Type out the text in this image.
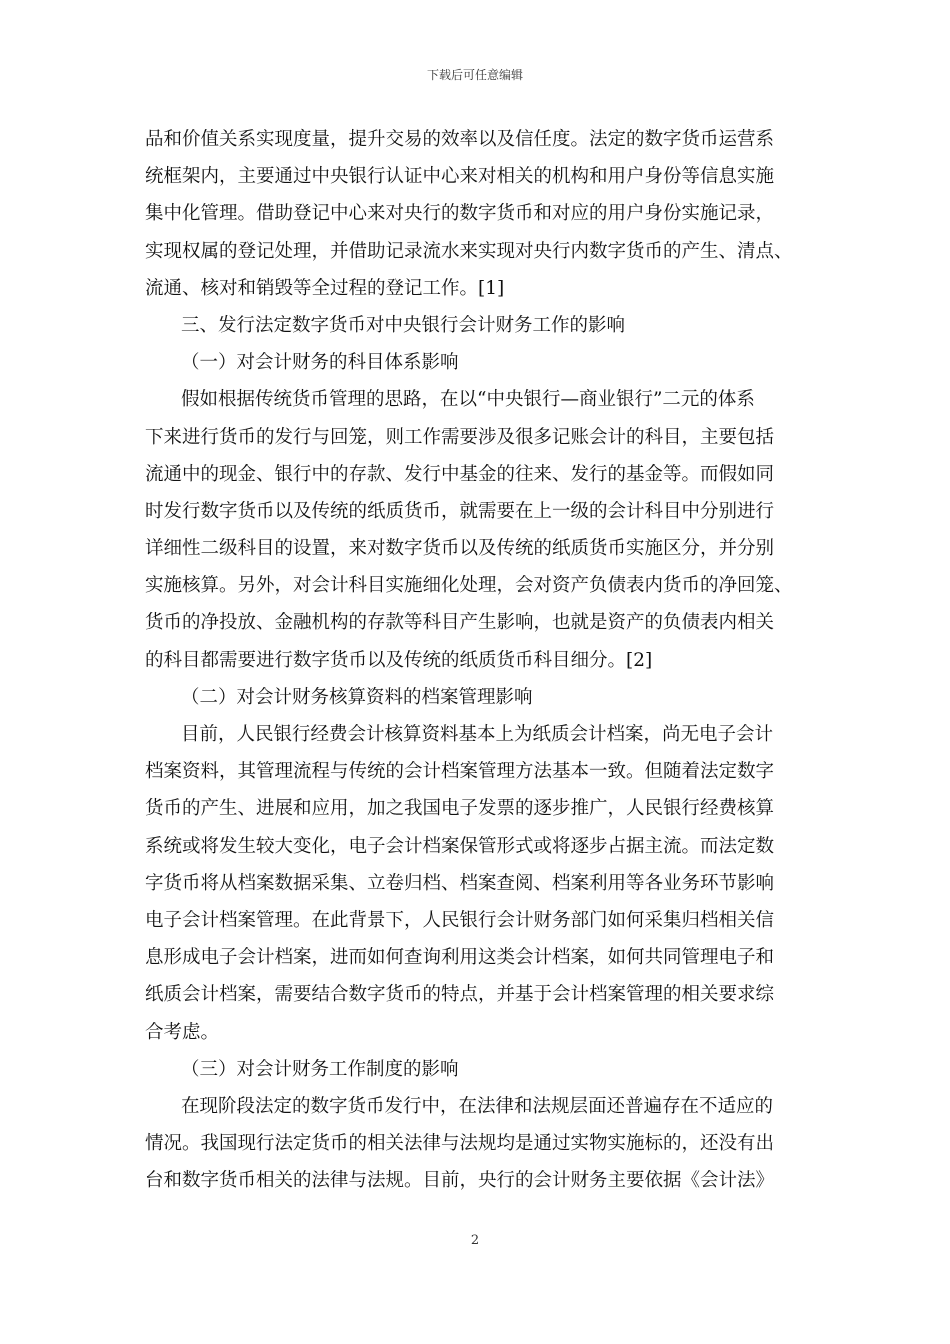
下载后可任意编辑
品和价值关系实现度量，提升交易的效率以及信任度。法定的数字货币运营系
统框架内，主要通过中央银行认证中心来对相关的机构和用户身份等信息实施
集中化管理。借助登记中心来对央行的数字货币和对应的用户身份实施记录，
实现权属的登记处理，并借助记录流水来实现对央行内数字货币的产生、清点、
流通、核对和销毁等全过程的登记工作。[1]
三、发行法定数字货币对中央银行会计财务工作的影响
（一）对会计财务的科目体系影响
假如根据传统货币管理的思路，在以“中央银行—商业银行”二元的体系
下来进行货币的发行与回笼，则工作需要涉及很多记账会计的科目，主要包括
流通中的现金、银行中的存款、发行中基金的往来、发行的基金等。而假如同
时发行数字货币以及传统的纸质货币，就需要在上一级的会计科目中分别进行
详细性二级科目的设置，来对数字货币以及传统的纸质货币实施区分，并分别
实施核算。另外，对会计科目实施细化处理，会对资产负债表内货币的净回笼、
货币的净投放、金融机构的存款等科目产生影响，也就是资产的负债表内相关
的科目都需要进行数字货币以及传统的纸质货币科目细分。[2]
（二）对会计财务核算资料的档案管理影响
目前，人民银行经费会计核算资料基本上为纸质会计档案，尚无电子会计
档案资料，其管理流程与传统的会计档案管理方法基本一致。但随着法定数字
货币的产生、进展和应用，加之我国电子发票的逐步推广，人民银行经费核算
系统或将发生较大变化，电子会计档案保管形式或将逐步占据主流。而法定数
字货币将从档案数据采集、立卷归档、档案查阅、档案利用等各业务环节影响
电子会计档案管理。在此背景下，人民银行会计财务部门如何采集归档相关信
息形成电子会计档案，进而如何查询利用这类会计档案，如何共同管理电子和
纸质会计档案，需要结合数字货币的特点，并基于会计档案管理的相关要求综
合考虑。
（三）对会计财务工作制度的影响
在现阶段法定的数字货币发行中，在法律和法规层面还普遍存在不适应的
情况。我国现行法定货币的相关法律与法规均是通过实物实施标的，还没有出
台和数字货币相关的法律与法规。目前，央行的会计财务主要依据《会计法》
2
